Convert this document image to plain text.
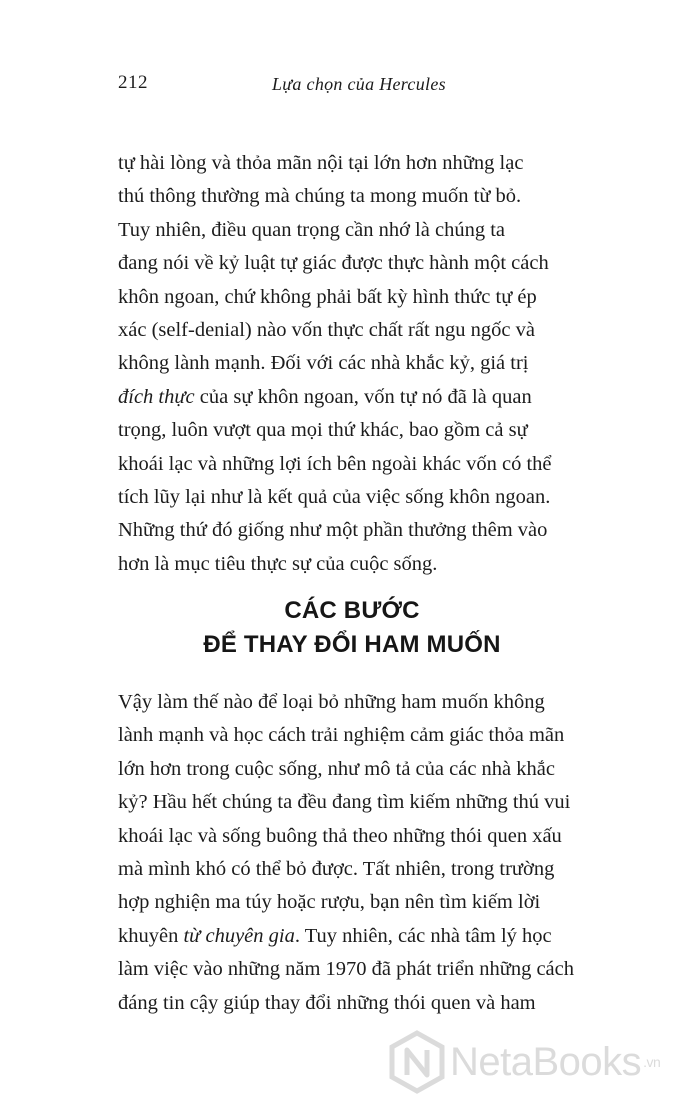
212	Lựa chọn của Hercules

tự hài lòng và thỏa mãn nội tại lớn hơn những lạc
thú thông thường mà chúng ta mong muốn từ bỏ.
Tuy nhiên, điều quan trọng cần nhớ là chúng ta
đang nói về kỷ luật tự giác được thực hành một cách
khôn ngoan, chứ không phải bất kỳ hình thức tự ép
xác (self-denial) nào vốn thực chất rất ngu ngốc và
không lành mạnh. Đối với các nhà khắc kỷ, giá trị
đích thực của sự khôn ngoan, vốn tự nó đã là quan
trọng, luôn vượt qua mọi thứ khác, bao gồm cả sự
khoái lạc và những lợi ích bên ngoài khác vốn có thể
tích lũy lại như là kết quả của việc sống khôn ngoan.
Những thứ đó giống như một phần thưởng thêm vào
hơn là mục tiêu thực sự của cuộc sống.

CÁC BƯỚC
ĐỂ THAY ĐỔI HAM MUỐN

Vậy làm thế nào để loại bỏ những ham muốn không
lành mạnh và học cách trải nghiệm cảm giác thỏa mãn
lớn hơn trong cuộc sống, như mô tả của các nhà khắc
kỷ? Hầu hết chúng ta đều đang tìm kiếm những thú vui
khoái lạc và sống buông thả theo những thói quen xấu
mà mình khó có thể bỏ được. Tất nhiên, trong trường
hợp nghiện ma túy hoặc rượu, bạn nên tìm kiếm lời
khuyên từ chuyên gia. Tuy nhiên, các nhà tâm lý học
làm việc vào những năm 1970 đã phát triển những cách
đáng tin cậy giúp thay đổi những thói quen và ham

NetaBooks .vn
